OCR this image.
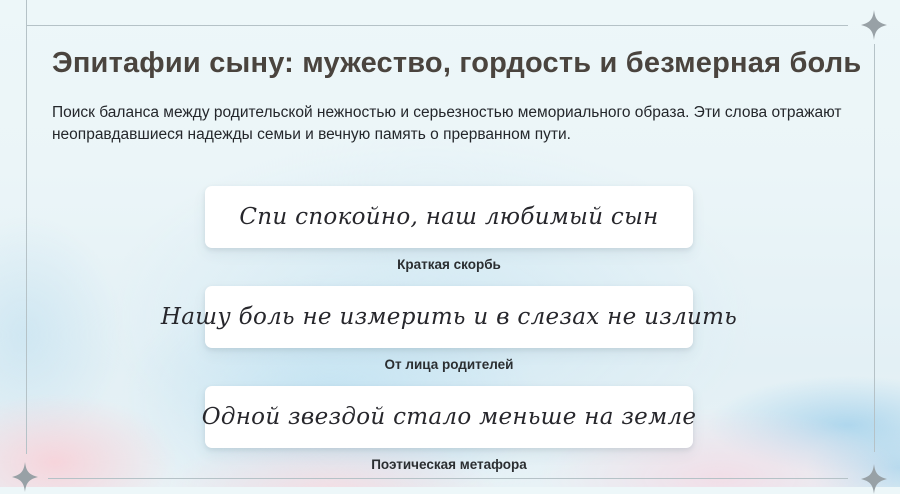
Эпитафии сыну: мужество, гордость и безмерная боль

Поиск баланса между родительской нежностью и серьезностью мемориального образа. Эти слова отражают неоправдавшиеся надежды семьи и вечную память о прерванном пути.

Спи спокойно, наш любимый сын
Краткая скорбь
Нашу боль не измерить и в слезах не излить
От лица родителей
Одной звездой стало меньше на земле
Поэтическая метафора
